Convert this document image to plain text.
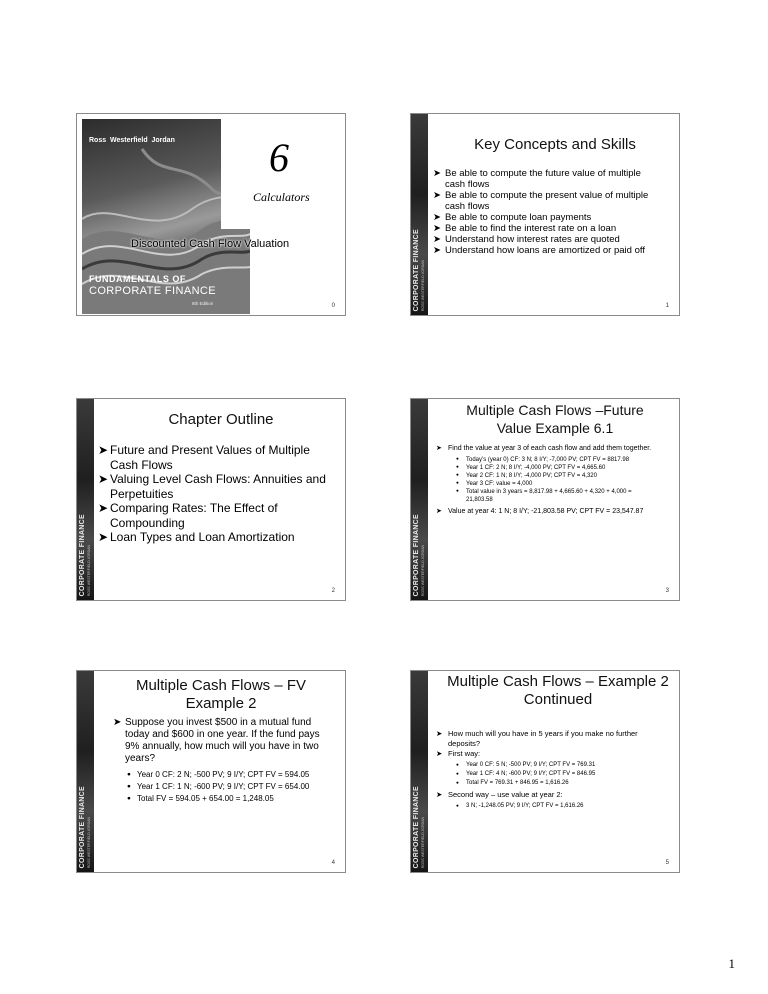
Ross  Westerfield  Jordan
FUNDAMENTALS OF
CORPORATE FINANCE
8th Edition
6
Calculators
Discounted Cash Flow Valuation
0	ROSS WESTERFIELD JORDAN
CORPORATE FINANCE
Key Concepts and Skills
➤ Be able to compute the future value of multiple cash flows
➤ Be able to compute the present value of multiple cash flows
➤ Be able to compute loan payments
➤ Be able to find the interest rate on a loan
➤ Understand how interest rates are quoted
➤ Understand how loans are amortized or paid off
1
ROSS WESTERFIELD JORDAN
CORPORATE FINANCE
Chapter Outline
➤ Future and Present Values of Multiple Cash Flows
➤ Valuing Level Cash Flows: Annuities and Perpetuities
➤ Comparing Rates: The Effect of Compounding
➤ Loan Types and Loan Amortization
2	ROSS WESTERFIELD JORDAN
CORPORATE FINANCE
Multiple Cash Flows –Future Value Example 6.1
➤ Find the value at year 3 of each cash flow and add them together.
● Today’s (year 0) CF: 3 N; 8 I/Y; -7,000 PV; CPT FV = 8817.98
● Year 1 CF: 2 N; 8 I/Y; -4,000 PV; CPT FV = 4,665.60
● Year 2 CF: 1 N; 8 I/Y; -4,000 PV; CPT FV = 4,320
● Year 3 CF: value = 4,000
● Total value in 3 years = 8,817.98 + 4,665.60 + 4,320 + 4,000 = 21,803.58
➤ Value at year 4: 1 N; 8 I/Y; -21,803.58 PV; CPT FV = 23,547.87
3
ROSS WESTERFIELD JORDAN
CORPORATE FINANCE
Multiple Cash Flows – FV Example 2
➤ Suppose you invest $500 in a mutual fund today and $600 in one year. If the fund pays 9% annually, how much will you have in two years?
● Year 0 CF: 2 N; -500 PV; 9 I/Y; CPT FV = 594.05
● Year 1 CF: 1 N; -600 PV; 9 I/Y; CPT FV = 654.00
● Total FV = 594.05 + 654.00 = 1,248.05
4	ROSS WESTERFIELD JORDAN
CORPORATE FINANCE
Multiple Cash Flows – Example 2 Continued
➤ How much will you have in 5 years if you make no further deposits?
➤ First way:
● Year 0 CF: 5 N; -500 PV; 9 I/Y; CPT FV = 769.31
● Year 1 CF: 4 N; -600 PV; 9 I/Y; CPT FV = 846.95
● Total FV = 769.31 + 846.95 = 1,616.26
➤ Second way – use value at year 2:
● 3 N; -1,248.05 PV; 9 I/Y; CPT FV = 1,616.26
5
1
